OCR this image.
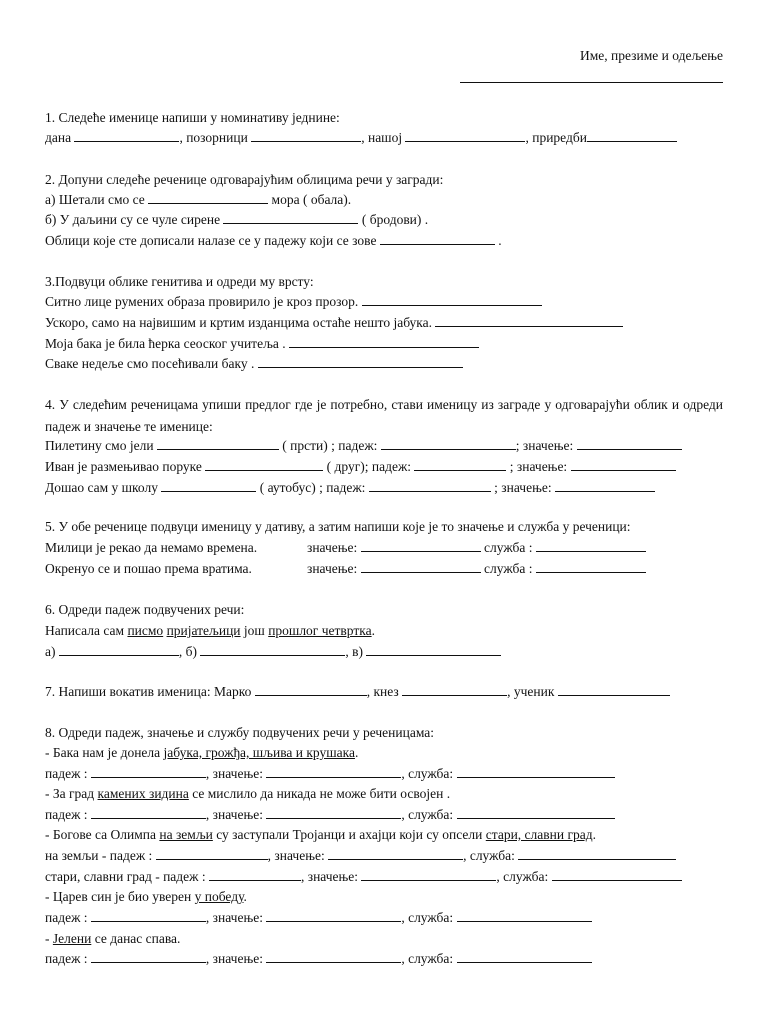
Име, презиме и одељење
1. Следеће именице напиши у номинативу једнине:
дана	, позорници	, нашој	, приредби
2. Допуни следеће реченице одговарајућим облицима речи у загради:
а) Шетали смо се	мора ( обала).
б) У даљини су се чуле сирене	( бродови) .
Облици које сте дописали налазе се у падежу који се зове	.
3.Подвуци облике генитива и одреди му врсту:
Ситно лице румених образа провирило је кроз прозор.
Ускоро, само на највишим и кртим изданцима остаће нешто јабука.
Моја бака је била ћерка сеоског учитеља .
Сваке недеље смо посећивали баку .
4. У следећим реченицама упиши предлог где је потребно, стави именицу из заграде у одговарајући облик и одреди падеж и значење те именице:
Пилетину смо јели	( прсти) ; падеж:	; значење:
Иван је размењивао поруке	( друг); падеж:	; значење:
Дошао сам у школу	( аутобус) ; падеж:	; значење:
5. У обе реченице подвуци именицу у дативу, а затим напиши које је то значење и служба у реченици:
Милици је рекао да немамо времена.	значење:	служба :
Окренуо се и пошао према вратима.	значење:	служба :
6. Одреди падеж подвучених речи:
Написала сам писмо пријатељици још прошлог четвртка.
а)	, б)	, в)
7. Напиши вокатив именица: Марко	, кнез	, ученик
8. Одреди падеж, значење и службу подвучених речи у реченицама:
- Бака нам је донела јабука, грожђа, шљива и крушака.
падеж :	, значење:	, служба:
- За град камених зидина се мислило да никада не може бити освојен .
падеж :	, значење:	, служба:
- Богове са Олимпа на земљи су заступали Тројанци и ахајци који су опсели стари, славни град.
на земљи - падеж :	, значење:	, служба:
стари, славни град - падеж :	, значење:	, служба:
- Царев син је био уверен у победу.
падеж :	, значење:	, служба:
- Јелени се данас спава.
падеж :	, значење:	, служба:
